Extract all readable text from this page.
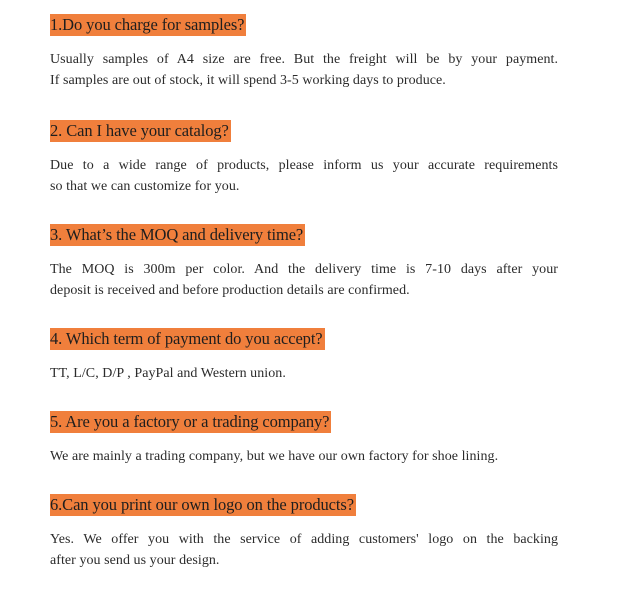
1.Do you charge for samples?
Usually samples of A4 size are free. But the freight will be by your payment.
If samples are out of stock, it will spend 3-5 working days to produce.
2. Can I have your catalog?
Due to a wide range of products, please inform us your accurate requirements
so that we can customize for you.
3. What’s the MOQ and delivery time?
The MOQ is 300m per color. And the delivery time is 7-10 days after your
deposit is received and before production details are confirmed.
4. Which term of payment do you accept?
TT, L/C, D/P , PayPal and Western union.
5. Are you a factory or a trading company?
We are mainly a trading company, but we have our own factory for shoe lining.
6.Can you print our own logo on the products?
Yes. We offer you with the service of adding customers' logo on the backing
after you send us your design.
